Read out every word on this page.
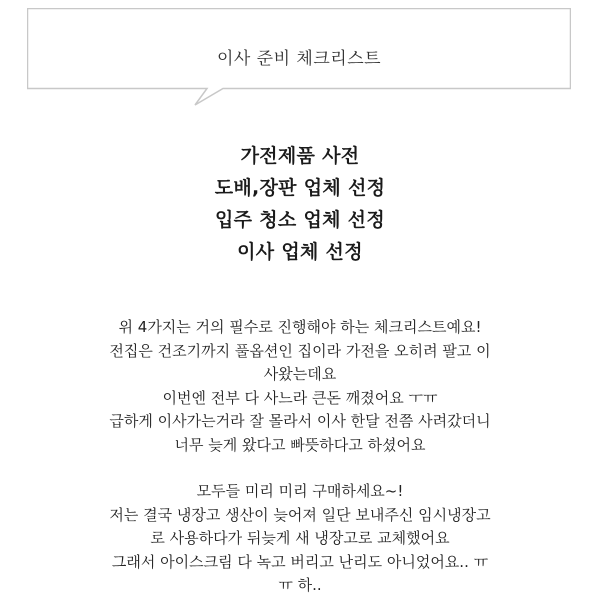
이사 준비 체크리스트
가전제품 사전
도배,장판 업체 선정
입주 청소 업체 선정
이사 업체 선정
위 4가지는 거의 필수로 진행해야 하는 체크리스트예요!
전집은 건조기까지 풀옵션인 집이라 가전을 오히려 팔고 이
사왔는데요
이번엔 전부 다 사느라 큰돈 깨졌어요 ㅜㅠ
급하게 이사가는거라 잘 몰라서 이사 한달 전쯤 사려갔더니
너무 늦게 왔다고 빠뜻하다고 하셨어요
모두들 미리 미리 구매하세요~!
저는 결국 냉장고 생산이 늦어져 일단 보내주신 임시냉장고
로 사용하다가 뒤늦게 새 냉장고로 교체했어요
그래서 아이스크림 다 녹고 버리고 난리도 아니었어요.. ㅠ
ㅠ 하..
